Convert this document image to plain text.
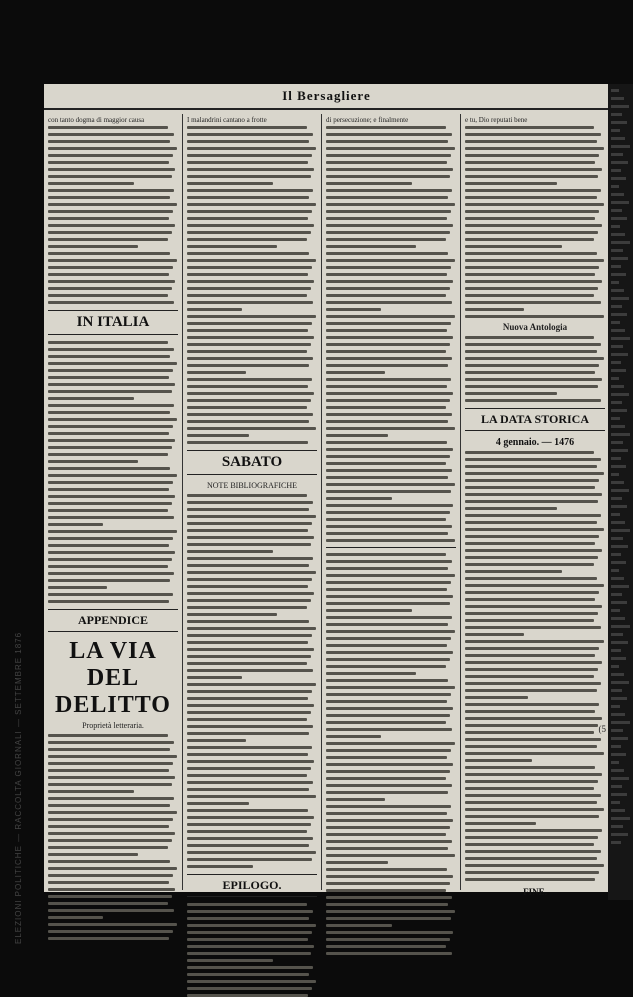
ELEZIONI POLITICHE — RACCOLTA GIORNALI — SETTEMBRE 1876
Il Bersagliere
con tanto dogma di maggior causa
IN ITALIA
APPENDICE
LA VIA DEL DELITTO
Proprietà letteraria.
I malandrini cantano a frotte
SABATO
NOTE BIBLIOGRAFICHE
EPILOGO.
di persecuzione; e finalmente	e tu, Dio reputati bene
Nuova Antologia
LA DATA STORICA
4 gennaio. — 1476
FINE.
(5
